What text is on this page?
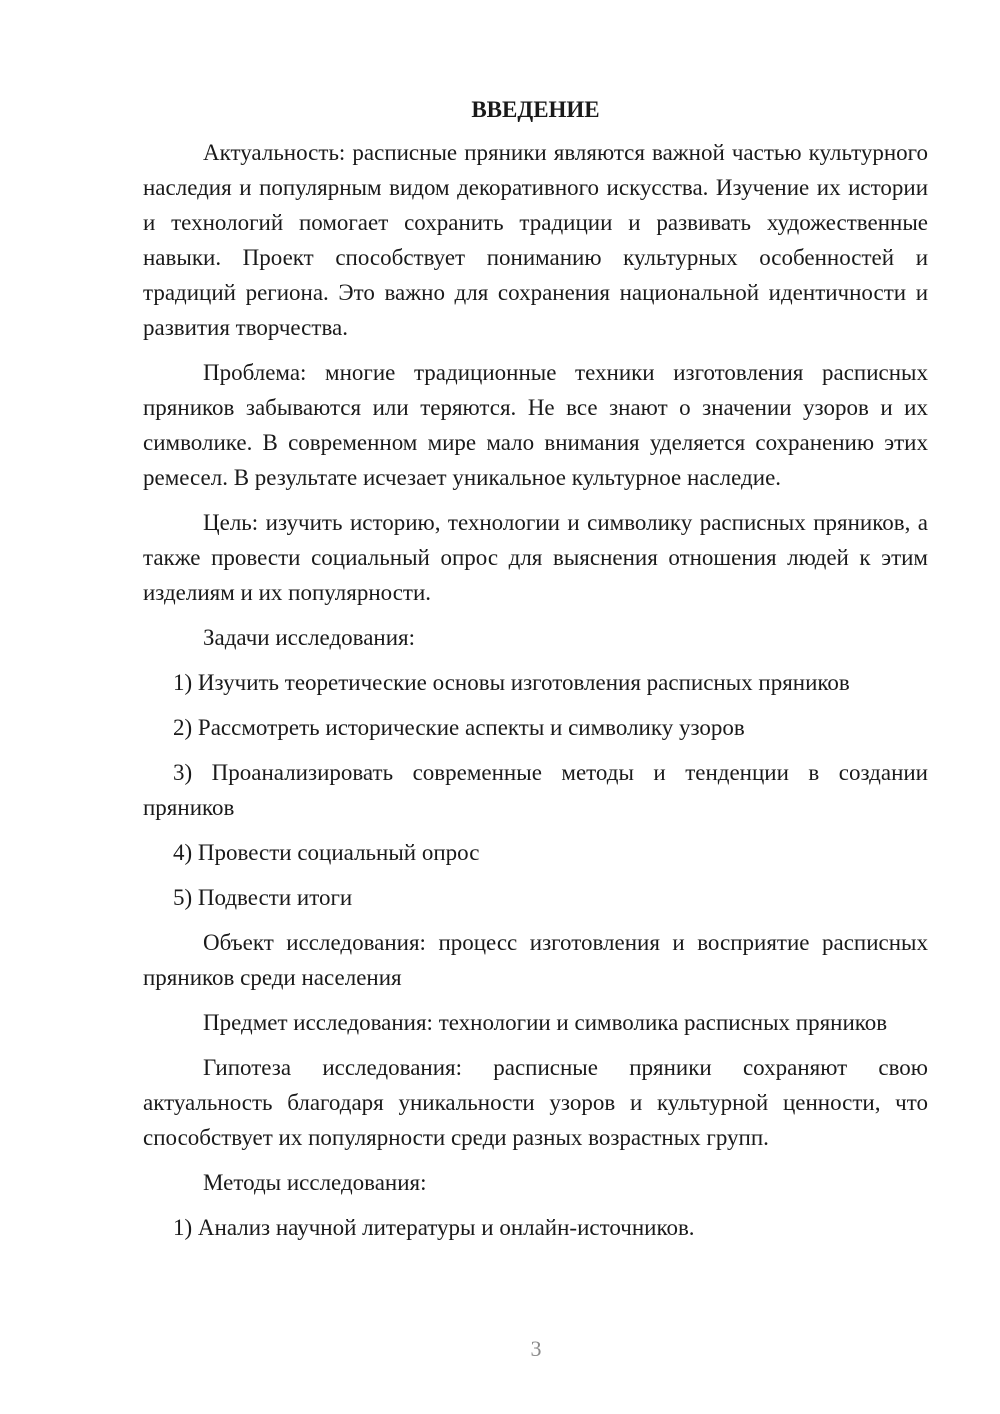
ВВЕДЕНИЕ

Актуальность: расписные пряники являются важной частью культурного наследия и популярным видом декоративного искусства. Изучение их истории и технологий помогает сохранить традиции и развивать художественные навыки. Проект способствует пониманию культурных особенностей и традиций региона. Это важно для сохранения национальной идентичности и развития творчества.

Проблема: многие традиционные техники изготовления расписных пряников забываются или теряются. Не все знают о значении узоров и их символике. В современном мире мало внимания уделяется сохранению этих ремесел. В результате исчезает уникальное культурное наследие.

Цель: изучить историю, технологии и символику расписных пряников, а также провести социальный опрос для выяснения отношения людей к этим изделиям и их популярности.

Задачи исследования:

1) Изучить теоретические основы изготовления расписных пряников

2) Рассмотреть исторические аспекты и символику узоров

3) Проанализировать современные методы и тенденции в создании пряников

4) Провести социальный опрос

5) Подвести итоги

Объект исследования: процесс изготовления и восприятие расписных пряников среди населения

Предмет исследования: технологии и символика расписных пряников

Гипотеза исследования: расписные пряники сохраняют свою актуальность благодаря уникальности узоров и культурной ценности, что способствует их популярности среди разных возрастных групп.

Методы исследования:

1) Анализ научной литературы и онлайн-источников.

3
